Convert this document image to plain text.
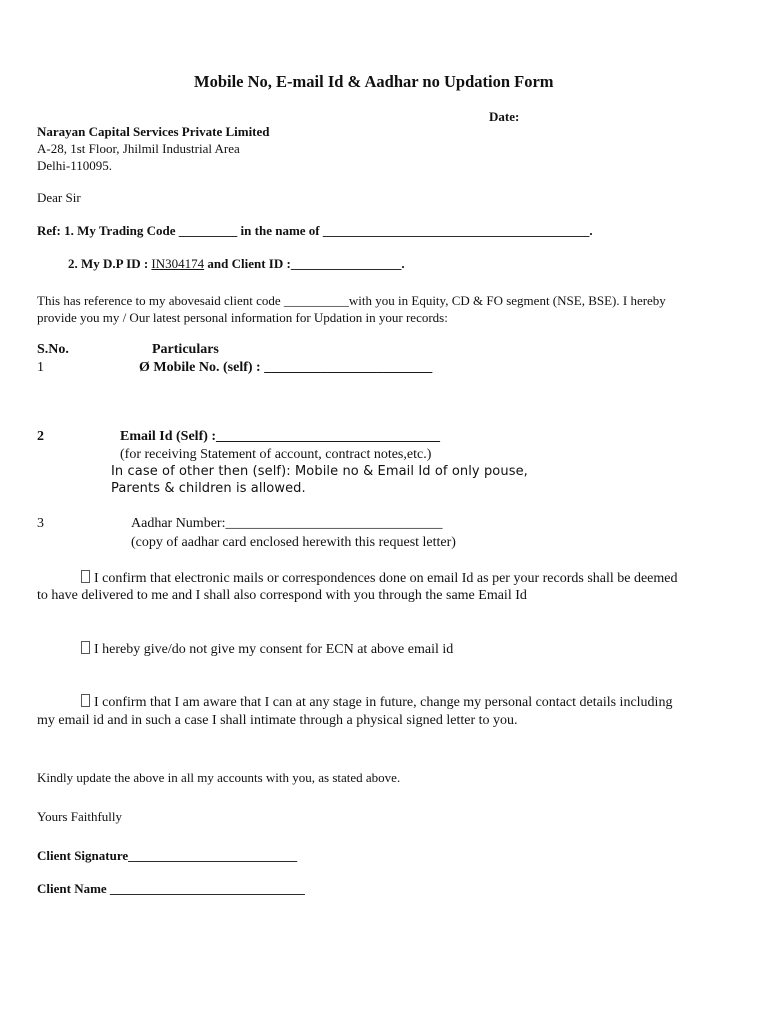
Mobile No, E-mail Id & Aadhar no Updation Form
Date:
Narayan Capital Services Private Limited
A-28, 1st Floor, Jhilmil Industrial Area
Delhi-110095.
Dear Sir
Ref: 1. My Trading Code _________ in the name of _________________________________________.
2. My D.P ID : IN304174 and Client ID :_________________.
This has reference to my abovesaid client code __________with you in Equity, CD & FO segment (NSE, BSE). I hereby
provide you my / Our latest personal information for Updation in your records:
S.No.	Particulars
1	Ø Mobile No. (self) : ________________________
2	Email Id (Self) :________________________________
(for receiving Statement of account, contract notes,etc.)
In case of other then (self): Mobile no & Email Id of only pouse,
Parents & children is allowed.
3	Aadhar Number:_______________________________
(copy of aadhar card enclosed herewith this request letter)
I confirm that electronic mails or correspondences done on email Id as per your records shall be deemed
to have delivered to me and I shall also correspond with you through the same Email Id
I hereby give/do not give my consent for ECN at above email id
I confirm that I am aware that I can at any stage in future, change my personal contact details including
my email id and in such a case I shall intimate through a physical signed letter to you.
Kindly update the above in all my accounts with you, as stated above.
Yours Faithfully
Client Signature__________________________
Client Name ______________________________
